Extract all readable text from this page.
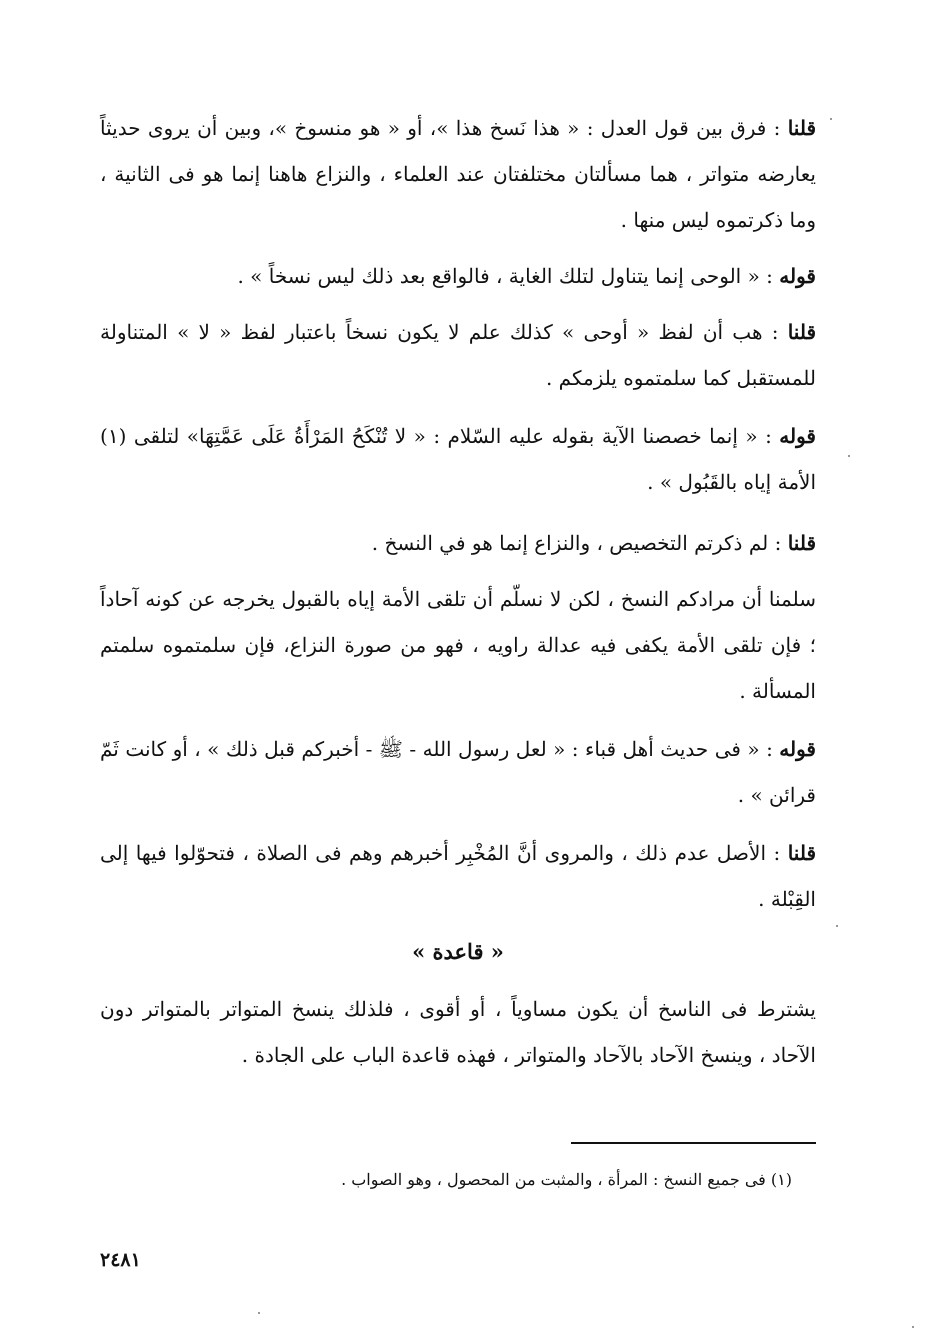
قلنا : فرق بين قول العدل : « هذا نَسخ هذا »، أو « هو منسوخ »، وبين أن يروى حديثاً يعارضه متواتر ، هما مسألتان مختلفتان عند العلماء ، والنزاع هاهنا إنما هو فى الثانية ، وما ذكرتموه ليس منها .

قوله : « الوحى إنما يتناول لتلك الغاية ، فالواقع بعد ذلك ليس نسخاً » .

قلنا : هب أن لفظ « أوحى » كذلك علم لا يكون نسخاً باعتبار لفظ « لا » المتناولة للمستقبل كما سلمتموه يلزمكم .

قوله : « إنما خصصنا الآية بقوله عليه السّلام : « لا تُنْكَحُ المَرْأَةُ عَلَى عَمَّتِهَا» لتلقى (١) الأمة إياه بالقَبُول » .

قلنا : لم ذكرتم التخصيص ، والنزاع إنما هو في النسخ .

سلمنا أن مرادكم النسخ ، لكن لا نسلّم أن تلقى الأمة إياه بالقبول يخرجه عن كونه آحاداً ؛ فإن تلقى الأمة يكفى فيه عدالة راويه ، فهو من صورة النزاع، فإن سلمتموه سلمتم المسألة .

قوله : « فى حديث أهل قباء : « لعل رسول الله - ﷺ - أخبركم قبل ذلك » ، أو كانت ثَمّ قرائن » .

قلنا : الأصل عدم ذلك ، والمروى أنَّ المُخْبِر أخبرهم وهم فى الصلاة ، فتحوّلوا فيها إلى القِبْلة .

« قاعدة »

يشترط فى الناسخ أن يكون مساوياً ، أو أقوى ، فلذلك ينسخ المتواتر بالمتواتر دون الآحاد ، وينسخ الآحاد بالآحاد والمتواتر ، فهذه قاعدة الباب على الجادة .

(١) فى جميع النسخ : المرأة ، والمثبت من المحصول ، وهو الصواب .
٢٤٨١
